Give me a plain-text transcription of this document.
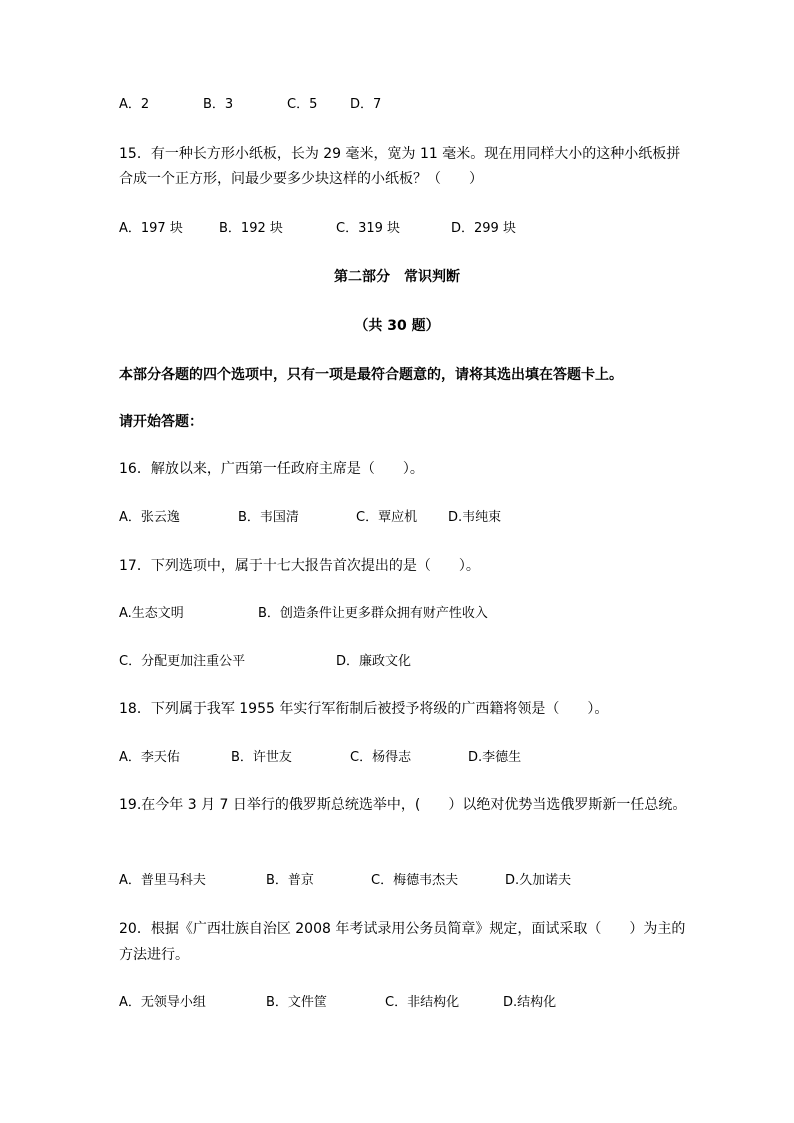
A．2	B．3	C．5	D．7
15．有一种长方形小纸板，长为 29 毫米，宽为 11 毫米。现在用同样大小的这种小纸板拼
合成一个正方形，问最少要多少块这样的小纸板？（　　）
A．197 块	B．192 块	C．319 块	D．299 块
第二部分　常识判断
（共 30 题）
本部分各题的四个选项中，只有一项是最符合题意的，请将其选出填在答题卡上。
请开始答题：
16．解放以来，广西第一任政府主席是（　　）。
A．张云逸	B．韦国清	C．覃应机 D.韦纯束
17．下列选项中，属于十七大报告首次提出的是（　　）。
A.生态文明	B．创造条件让更多群众拥有财产性收入
C．分配更加注重公平	D．廉政文化
18．下列属于我军 1955 年实行军衔制后被授予将级的广西籍将领是（　　）。
A．李天佑	B．许世友	C．杨得志	D.李德生
19.在今年 3 月 7 日举行的俄罗斯总统选举中，(　　）以绝对优势当选俄罗斯新一任总统。
A．普里马科夫	B．普京	C．梅德韦杰夫	D.久加诺夫
20．根据《广西壮族自治区 2008 年考试录用公务员简章》规定，面试采取（　　）为主的
方法进行。
A．无领导小组	B．文件筐	C．非结构化	D.结构化
